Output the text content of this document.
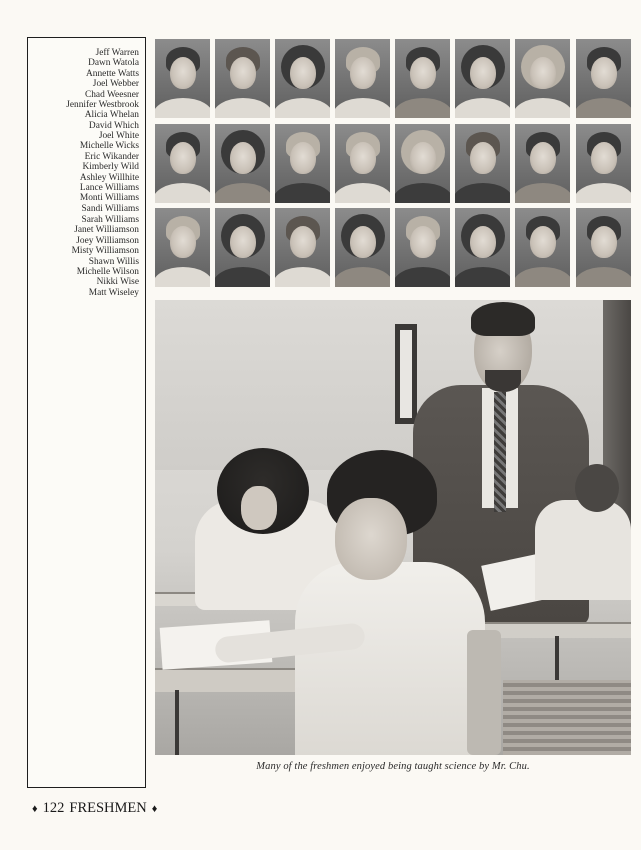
Jeff Warren
Dawn Watola
Annette Watts
Joel Webber
Chad Weesner
Jennifer Westbrook
Alicia Whelan
David Which
Joel White
Michelle Wicks
Eric Wikander
Kimberly Wild
Ashley Willhite
Lance Williams
Monti Williams
Sandi Williams
Sarah Williams
Janet Williamson
Joey Williamson
Misty Williamson
Shawn Willis
Michelle Wilson
Nikki Wise
Matt Wiseley
Many of the freshmen enjoyed being taught science by Mr. Chu.
♦ 122 FRESHMEN ♦
